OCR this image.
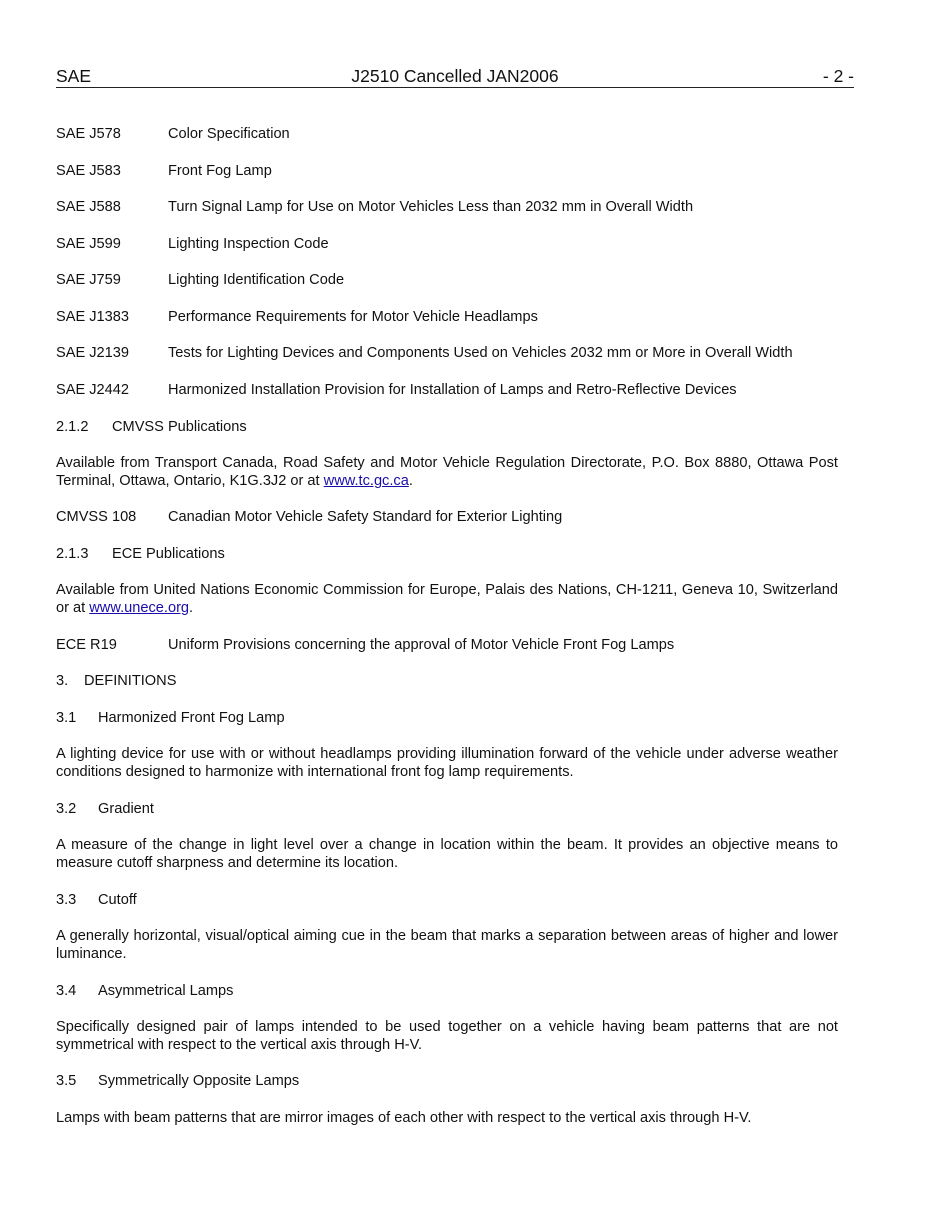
SAE	J2510 Cancelled JAN2006	- 2 -
SAE J578	Color Specification
SAE J583	Front Fog Lamp
SAE J588	Turn Signal Lamp for Use on Motor Vehicles Less than 2032 mm in Overall Width
SAE J599	Lighting Inspection Code
SAE J759	Lighting Identification Code
SAE J1383	Performance Requirements for Motor Vehicle Headlamps
SAE J2139	Tests for Lighting Devices and Components Used on Vehicles 2032 mm or More in Overall Width
SAE J2442	Harmonized Installation Provision for Installation of Lamps and Retro-Reflective Devices
2.1.2 CMVSS Publications
Available from Transport Canada, Road Safety and Motor Vehicle Regulation Directorate, P.O. Box 8880, Ottawa Post Terminal, Ottawa, Ontario, K1G.3J2 or at www.tc.gc.ca.
CMVSS 108 Canadian Motor Vehicle Safety Standard for Exterior Lighting
2.1.3 ECE Publications
Available from United Nations Economic Commission for Europe, Palais des Nations, CH-1211, Geneva 10, Switzerland or at www.unece.org.
ECE R19	Uniform Provisions concerning the approval of Motor Vehicle Front Fog Lamps
3. DEFINITIONS
3.1 Harmonized Front Fog Lamp
A lighting device for use with or without headlamps providing illumination forward of the vehicle under adverse weather conditions designed to harmonize with international front fog lamp requirements.
3.2 Gradient
A measure of the change in light level over a change in location within the beam. It provides an objective means to measure cutoff sharpness and determine its location.
3.3 Cutoff
A generally horizontal, visual/optical aiming cue in the beam that marks a separation between areas of higher and lower luminance.
3.4 Asymmetrical Lamps
Specifically designed pair of lamps intended to be used together on a vehicle having beam patterns that are not symmetrical with respect to the vertical axis through H-V.
3.5 Symmetrically Opposite Lamps
Lamps with beam patterns that are mirror images of each other with respect to the vertical axis through H-V.
